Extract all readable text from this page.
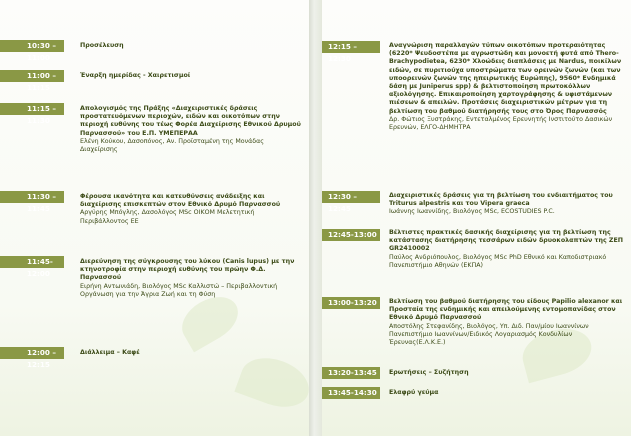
10:30 – 11:00
Προσέλευση
11:00 – 11:15
Έναρξη ημερίδας - Χαιρετισμοί
11:15 – 11:30
Απολογισμός της Πράξης «Διαχειριστικές δράσεις προστατευόμενων περιοχών, ειδών και οικοτόπων στην περιοχή ευθύνης του τέως Φορέα Διαχείρισης Εθνικού Δρυμού Παρνασσού» του Ε.Π. ΥΜΕΠΕΡΑΑ
Ελένη Κούκου, Δασοπόνος, Αν. Προϊσταμένη της Μονάδας Διαχείρισης
11:30 – 11:45
Φέρουσα ικανότητα και κατευθύνσεις ανάδειξης και διαχείρισης επισκεπτών στον Εθνικό Δρυμό Παρνασσού
Αργύρης Μπόγλης, Δασολόγος MSc ΟΙΚΟΜ Μελετητική Περιβάλλοντος ΕΕ
11:45-12:00
Διερεύνηση της σύγκρουσης του λύκου (Canis lupus) με την κτηνοτροφία στην περιοχή ευθύνης του πρώην Φ.Δ. Παρνασσού
Ειρήνη Αντωνιάδη, Βιολόγος MSc Καλλιστώ – Περιβαλλοντική Οργάνωση για την Άγρια Ζωή και τη Φύση
12:00 – 12:15
Διάλλειμα – Καφέ
12:15 – 12:30
Αναγνώριση παραλλαγών τύπων οικοτόπων προτεραιότητας (6220* Ψευδοστέπα με αγρωστώδη και μονοετή φυτά από Thero- Brachypodietea, 6230* Χλοώδεις διαπλάσεις με Nardus, ποικίλων ειδών, σε πυριτιούχα υποστρώματα των ορεινών ζωνών (και των υποορεινών ζωνών της ηπειρωτικής Ευρώπης), 9560* Ενδημικά δάση με Juniperus spp) & βελτιστοποίηση πρωτοκόλλων αξιολόγησης. Επικαιροποίηση χαρτογράφησης & υφιστάμενων πιέσεων & απειλών. Προτάσεις διαχειριστικών μέτρων για τη βελτίωση του βαθμού διατήρησής τους στο Όρος Παρνασσός
Δρ. Φώτιος Ξυστράκης, Εντεταλμένος Ερευνητής Ινστιτούτο Δασικών Ερευνών, ΕΛΓΟ-ΔΗΜΗΤΡΑ
12:30 – 12:45
Διαχειριστικές δράσεις για τη βελτίωση του ενδιαιτήματος του Triturus alpestris και του Vipera graeca
Ιωάννης Ιωαννίδης, Βιολόγος MSc, ECOSTUDIES P.C.
12:45-13:00	Βέλτιστες πρακτικές δασικής διαχείρισης για τη βελτίωση της κατάστασης διατήρησης τεσσάρων ειδών δρυοκολαπτών της ΖΕΠ GR2410002
Παύλος Ανδριόπουλος, Βιολόγος MSc PhD Εθνικό και Καποδιστριακό Πανεπιστήμιο Αθηνών (ΕΚΠΑ)
13:00-13:20	Βελτίωση του βαθμού διατήρησης του είδους Papilio alexanor και Προσταία της ενδημικής και απειλούμενης εντομοπανίδας στον Εθνικό Δρυμό Παρνασσού
Αποστόλης Στεφανίδης, Βιολόγος, Υπ. Διδ. Παν/μίου Ιωαννίνων Πανεπιστήμιο Ιωαννίνων/Ειδικός Λογαριασμός Κονδυλίων Έρευνας(Ε.Λ.Κ.Ε.)
13:20-13:45	Ερωτήσεις – Συζήτηση
13:45-14:30	Ελαφρύ γεύμα
